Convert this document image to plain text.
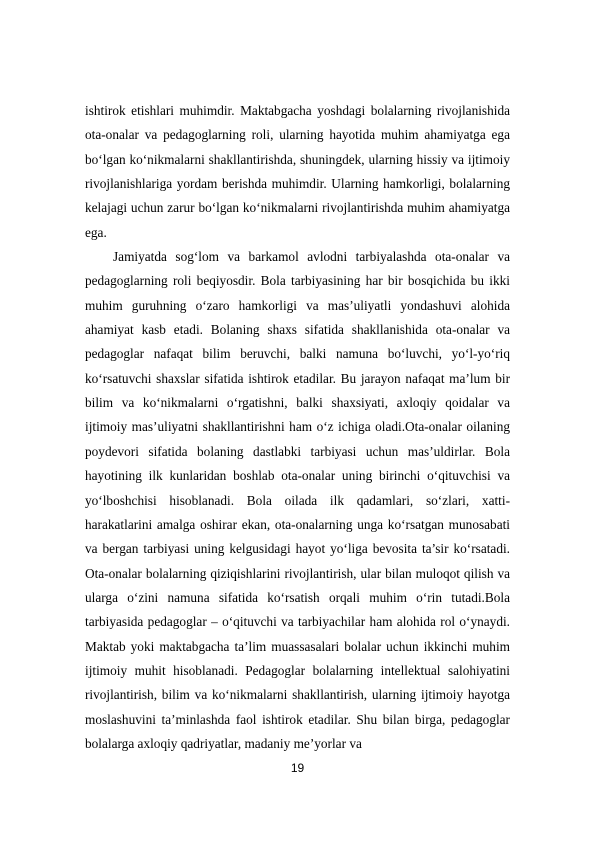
ishtirok etishlari muhimdir. Maktabgacha yoshdagi bolalarning rivojlanishida ota-onalar va pedagoglarning roli, ularning hayotida muhim ahamiyatga ega bo‘lgan ko‘nikmalarni shakllantirishda, shuningdek, ularning hissiy va ijtimoiy rivojlanishlariga yordam berishda muhimdir. Ularning hamkorligi, bolalarning kelajagi uchun zarur bo‘lgan ko‘nikmalarni rivojlantirishda muhim ahamiyatga ega.

Jamiyatda sog‘lom va barkamol avlodni tarbiyalashda ota-onalar va pedagoglarning roli beqiyosdir. Bola tarbiyasining har bir bosqichida bu ikki muhim guruhning o‘zaro hamkorligi va mas’uliyatli yondashuvi alohida ahamiyat kasb etadi. Bolaning shaxs sifatida shakllanishida ota-onalar va pedagoglar nafaqat bilim beruvchi, balki namuna bo‘luvchi, yo‘l-yo‘riq ko‘rsatuvchi shaxslar sifatida ishtirok etadilar. Bu jarayon nafaqat ma’lum bir bilim va ko‘nikmalarni o‘rgatishni, balki shaxsiyati, axloqiy qoidalar va ijtimoiy mas’uliyatni shakllantirishni ham o‘z ichiga oladi.Ota-onalar oilaning poydevori sifatida bolaning dastlabki tarbiyasi uchun mas’uldirlar. Bola hayotining ilk kunlaridan boshlab ota-onalar uning birinchi o‘qituvchisi va yo‘lboshchisi hisoblanadi. Bola oilada ilk qadamlari, so‘zlari, xatti-harakatlarini amalga oshirar ekan, ota-onalarning unga ko‘rsatgan munosabati va bergan tarbiyasi uning kelgusidagi hayot yo‘liga bevosita ta’sir ko‘rsatadi. Ota-onalar bolalarning qiziqishlarini rivojlantirish, ular bilan muloqot qilish va ularga o‘zini namuna sifatida ko‘rsatish orqali muhim o‘rin tutadi.Bola tarbiyasida pedagoglar – o‘qituvchi va tarbiyachilar ham alohida rol o‘ynaydi. Maktab yoki maktabgacha ta’lim muassasalari bolalar uchun ikkinchi muhim ijtimoiy muhit hisoblanadi. Pedagoglar bolalarning intellektual salohiyatini rivojlantirish, bilim va ko‘nikmalarni shakllantirish, ularning ijtimoiy hayotga moslashuvini ta’minlashda faol ishtirok etadilar. Shu bilan birga, pedagoglar bolalarga axloqiy qadriyatlar, madaniy me’yorlar va

19
